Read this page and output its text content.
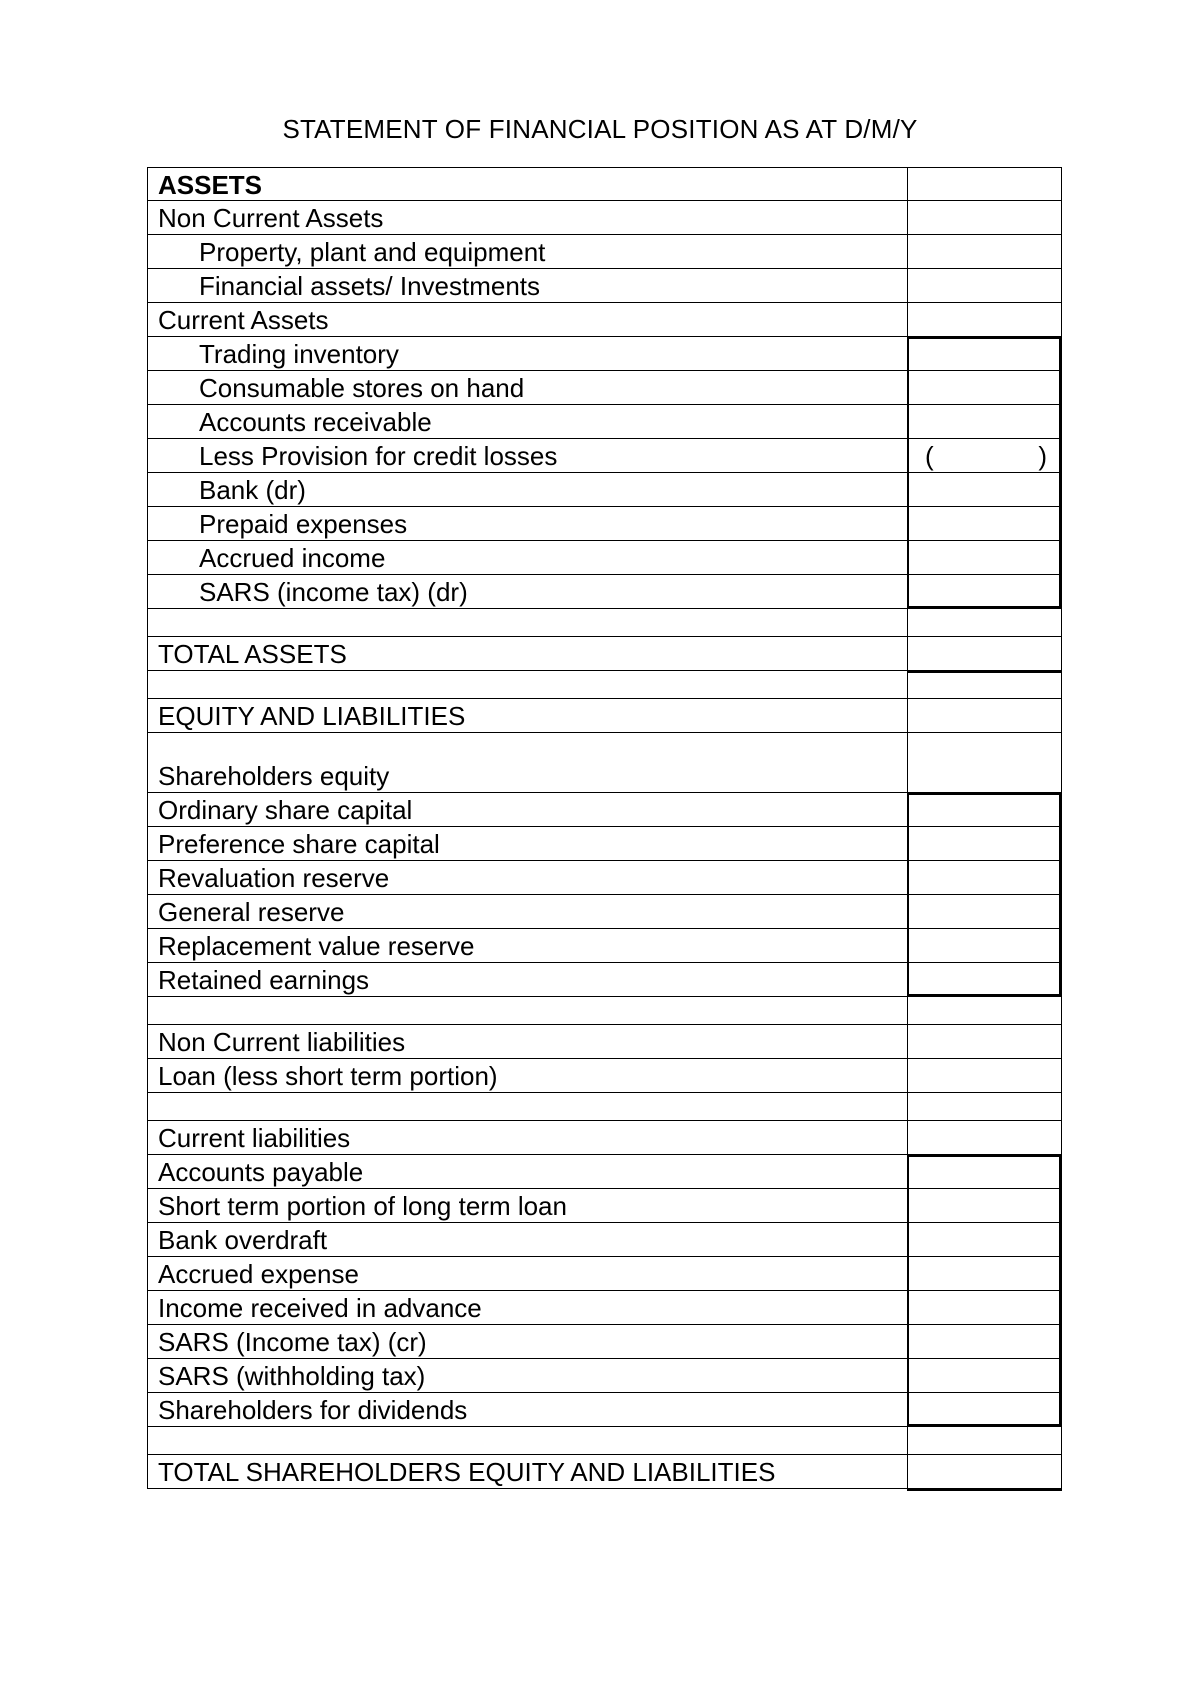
STATEMENT OF FINANCIAL POSITION AS AT D/M/Y
ASSETS
Non Current Assets
Property, plant and equipment
Financial assets/ Investments
Current Assets
Trading inventory
Consumable stores on hand
Accounts receivable
Less Provision for credit losses	(	)
Bank (dr)
Prepaid expenses
Accrued income
SARS (income tax) (dr)
TOTAL ASSETS
EQUITY AND LIABILITIES
Shareholders equity
Ordinary share capital
Preference share capital
Revaluation reserve
General reserve
Replacement value reserve
Retained earnings
Non Current liabilities
Loan (less short term portion)
Current liabilities
Accounts payable
Short term portion of long term loan
Bank overdraft
Accrued expense
Income received in advance
SARS (Income tax) (cr)
SARS (withholding tax)
Shareholders for dividends
TOTAL SHAREHOLDERS EQUITY AND LIABILITIES
